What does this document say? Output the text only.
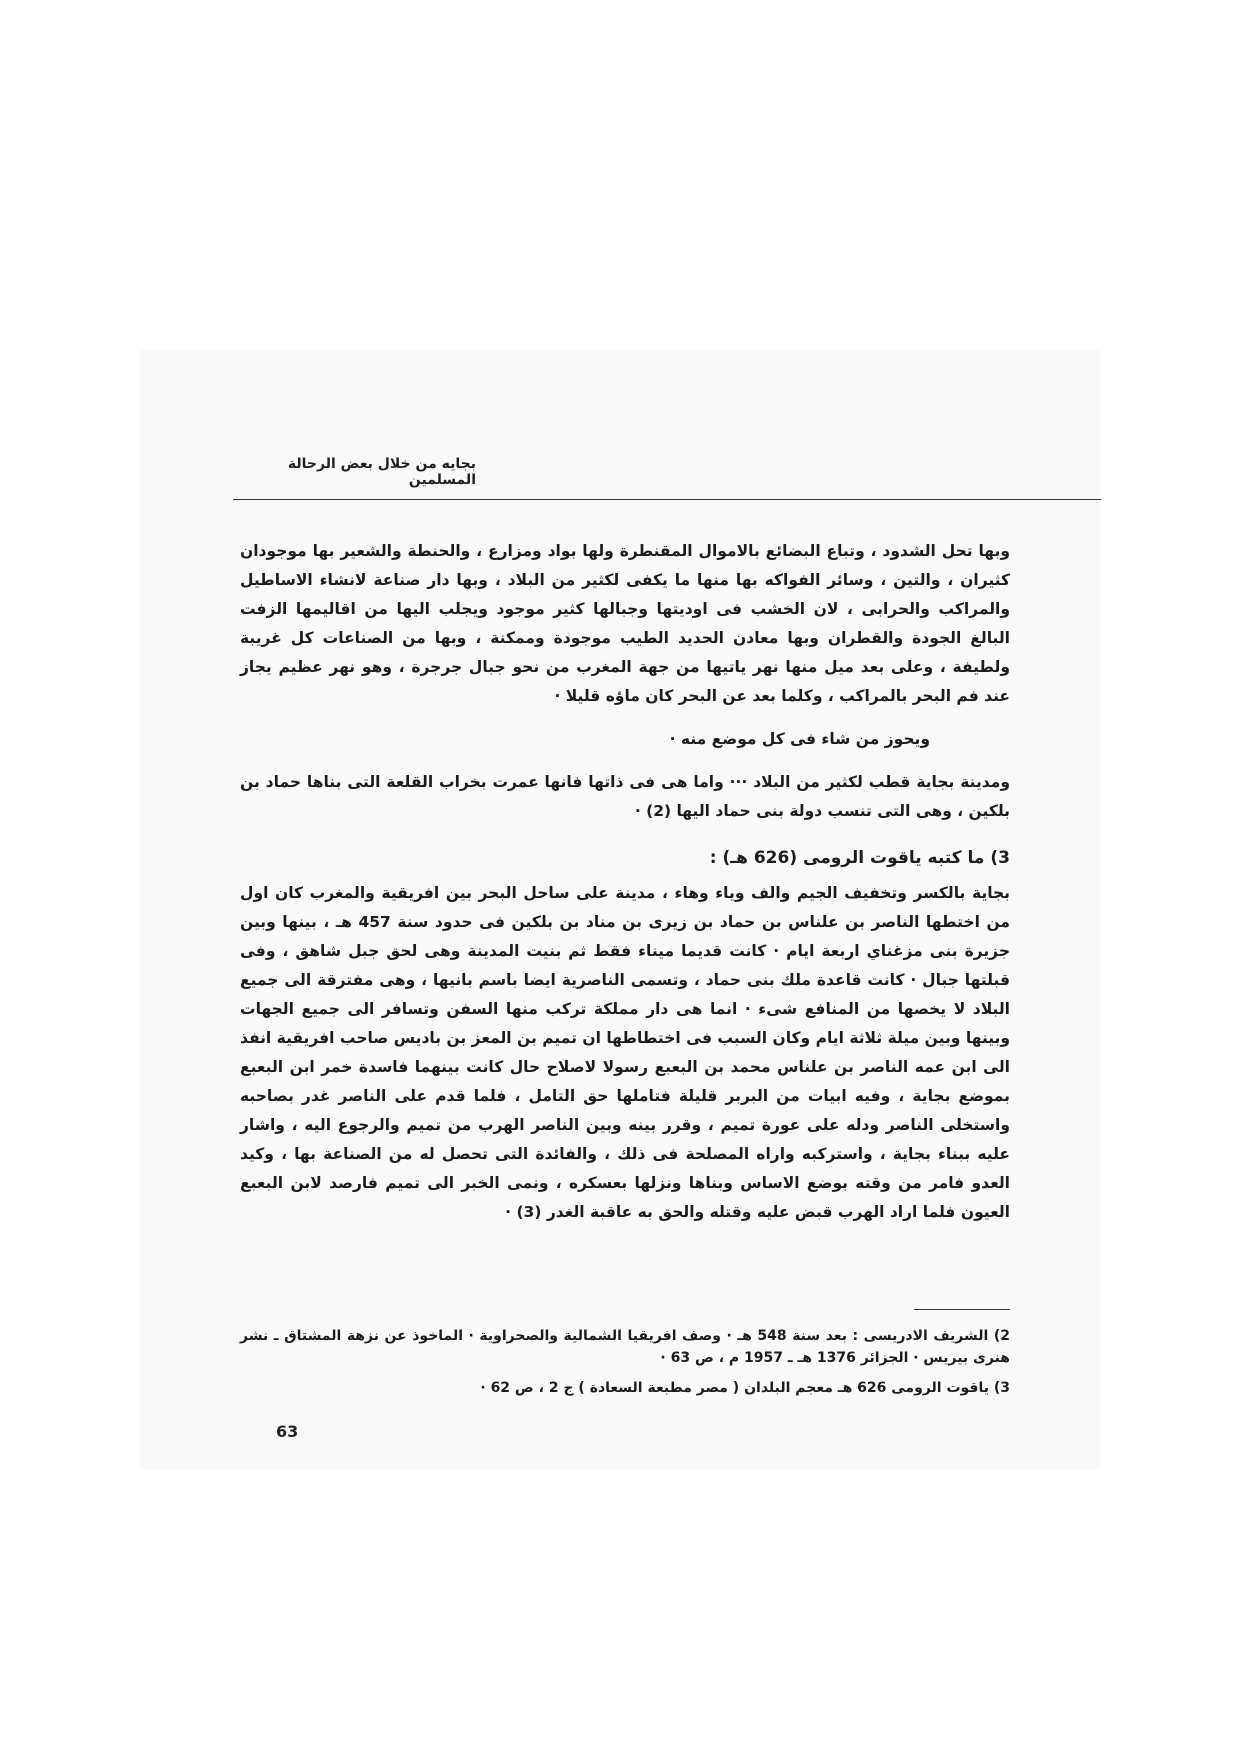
بجايه من خلال بعض الرحالة المسلمين

وبها تحل الشدود ، وتباع البضائع بالاموال المقنطرة ولها بواد ومزارع ، والحنطة والشعير بها موجودان كثيران ، والتين ، وسائر الفواكه بها منها ما يكفى لكثير من البلاد ، وبها دار صناعة لانشاء الاساطيل والمراكب والحرابى ، لان الخشب فى اوديتها وجبالها كثير موجود ويجلب اليها من اقاليمها الزفت البالغ الجودة والقطران وبها معادن الحديد الطيب موجودة وممكنة ، وبها من الصناعات كل غريبة ولطيفة ، وعلى بعد ميل منها نهر ياتيها من جهة المغرب من نحو جبال جرجرة ، وهو نهر عظيم يجاز عند فم البحر بالمراكب ، وكلما بعد عن البحر كان ماؤه قليلا ·

ويحوز من شاء فى كل موضع منه ·

ومدينة بجاية قطب لكثير من البلاد ··· واما هى فى ذاتها فانها عمرت بخراب القلعة التى بناها حماد بن بلكين ، وهى التى تنسب دولة بنى حماد اليها (2) ·

3) ما كتبه ياقوت الرومى (626 هـ) :

بجاية بالكسر وتخفيف الجيم والف وياء وهاء ، مدينة على ساحل البحر بين افريقية والمغرب كان اول من اختطها الناصر بن علناس بن حماد بن زيرى بن مناد بن بلكين فى حدود سنة 457 هـ ، بينها وبين جزيرة بنى مزغناي اربعة ايام · كانت قديما ميناء فقط ثم بنيت المدينة وهى لحق جبل شاهق ، وفى قبلتها جبال · كانت قاعدة ملك بنى حماد ، وتسمى الناصرية ايضا باسم بانيها ، وهى مفترقة الى جميع البلاد لا يخصها من المنافع شىء · انما هى دار مملكة تركب منها السفن وتسافر الى جميع الجهات وبينها وبين ميلة ثلاثة ايام وكان السبب فى اختطاطها ان تميم بن المعز بن باديس صاحب افريقية انفذ الى ابن عمه الناصر بن علناس محمد بن البعبع رسولا لاصلاح حال كانت بينهما فاسدة خمر ابن البعبع بموضع بجاية ، وفيه ابيات من البربر قليلة فتاملها حق التامل ، فلما قدم على الناصر غدر بصاحبه واستخلى الناصر ودله على عورة تميم ، وقرر بينه وبين الناصر الهرب من تميم والرجوع اليه ، واشار عليه ببناء بجاية ، واستركبه واراه المصلحة فى ذلك ، والفائدة التى تحصل له من الصناعة بها ، وكيد العدو فامر من وقته بوضع الاساس وبناها ونزلها بعسكره ، ونمى الخبر الى تميم فارصد لابن البعبع العيون فلما اراد الهرب قبض عليه وقتله والحق به عاقبة الغدر (3) ·

2) الشريف الادريسى : بعد سنة 548 هـ · وصف افريقيا الشمالية والصحراوية · الماخوذ عن نزهة المشتاق ـ نشر هنرى بيريس · الجزائر 1376 هـ ـ 1957 م ، ص 63 ·

3) ياقوت الرومى 626 هـ معجم البلدان ( مصر مطبعة السعادة ) ج 2 ، ص 62 ·

63
